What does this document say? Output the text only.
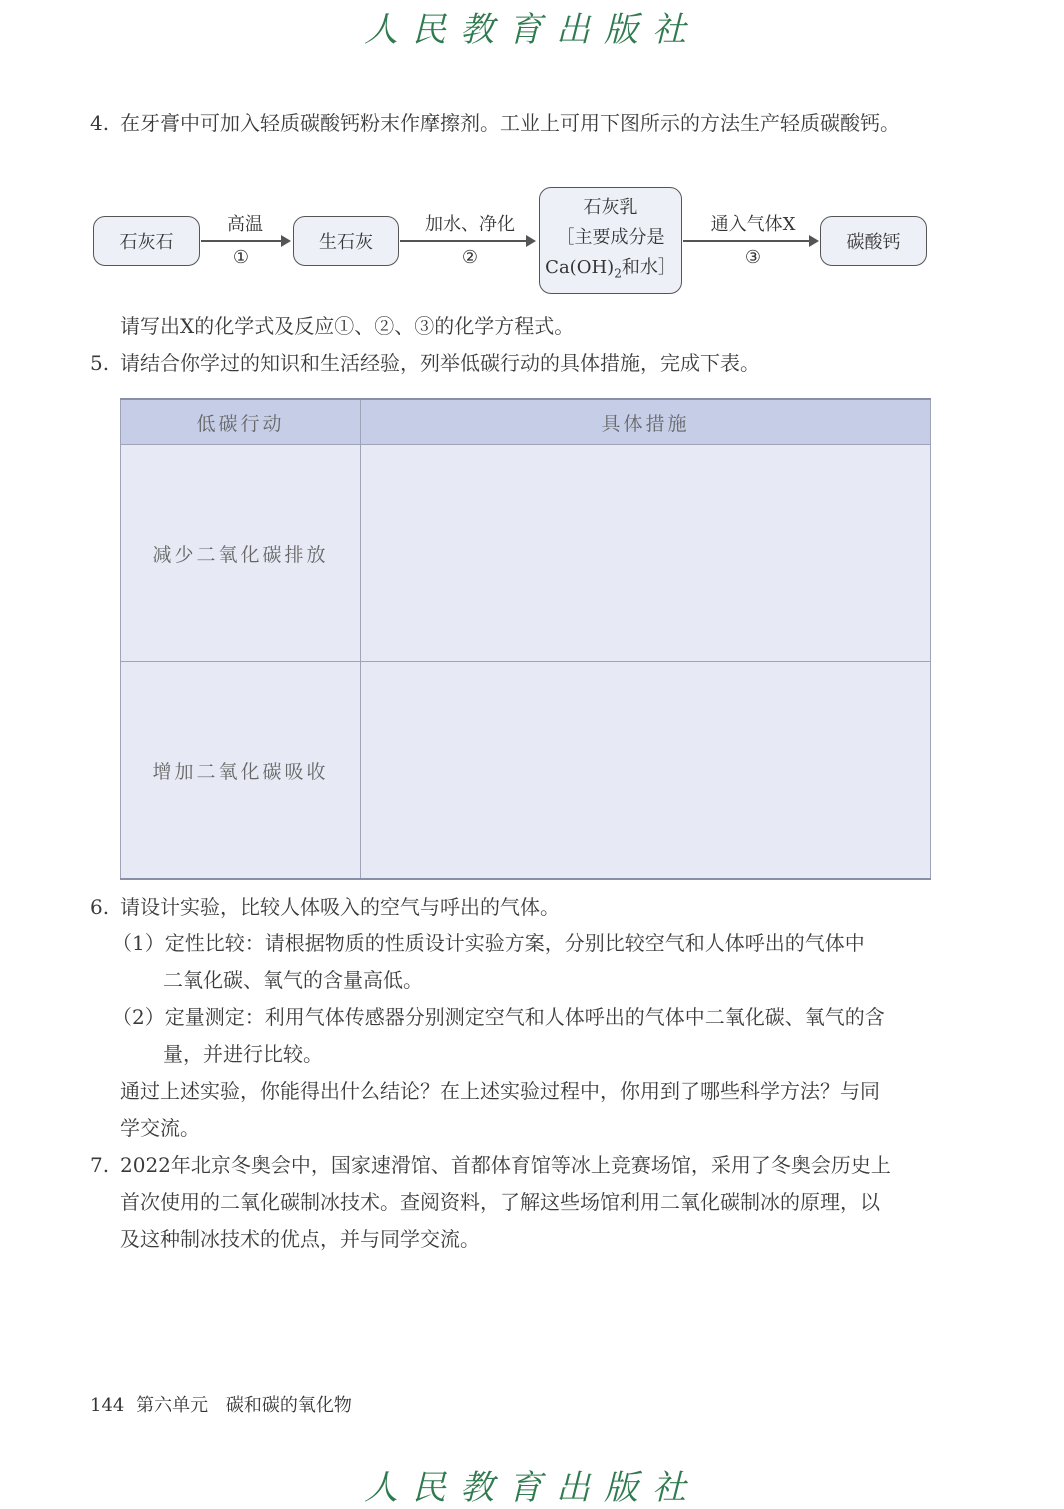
人民教育出版社
4. 在牙膏中可加入轻质碳酸钙粉末作摩擦剂。工业上可用下图所示的方法生产轻质碳酸钙。
石灰石
高温
①
生石灰
加水、净化
②
石灰乳
［主要成分是
$Ca(OH)_2$和水］
通入气体X
③
碳酸钙
请写出X的化学式及反应①、②、③的化学方程式。
5. 请结合你学过的知识和生活经验，列举低碳行动的具体措施，完成下表。
低碳行动	具体措施
减少二氧化碳排放	
增加二氧化碳吸收	
6. 请设计实验，比较人体吸入的空气与呼出的气体。
（1）定性比较：请根据物质的性质设计实验方案，分别比较空气和人体呼出的气体中
二氧化碳、氧气的含量高低。
（2）定量测定：利用气体传感器分别测定空气和人体呼出的气体中二氧化碳、氧气的含
量，并进行比较。
通过上述实验，你能得出什么结论？在上述实验过程中，你用到了哪些科学方法？与同
学交流。
7. 2022年北京冬奥会中，国家速滑馆、首都体育馆等冰上竞赛场馆，采用了冬奥会历史上
首次使用的二氧化碳制冰技术。查阅资料，了解这些场馆利用二氧化碳制冰的原理，以
及这种制冰技术的优点，并与同学交流。
144 第六单元 碳和碳的氧化物
人民教育出版社
